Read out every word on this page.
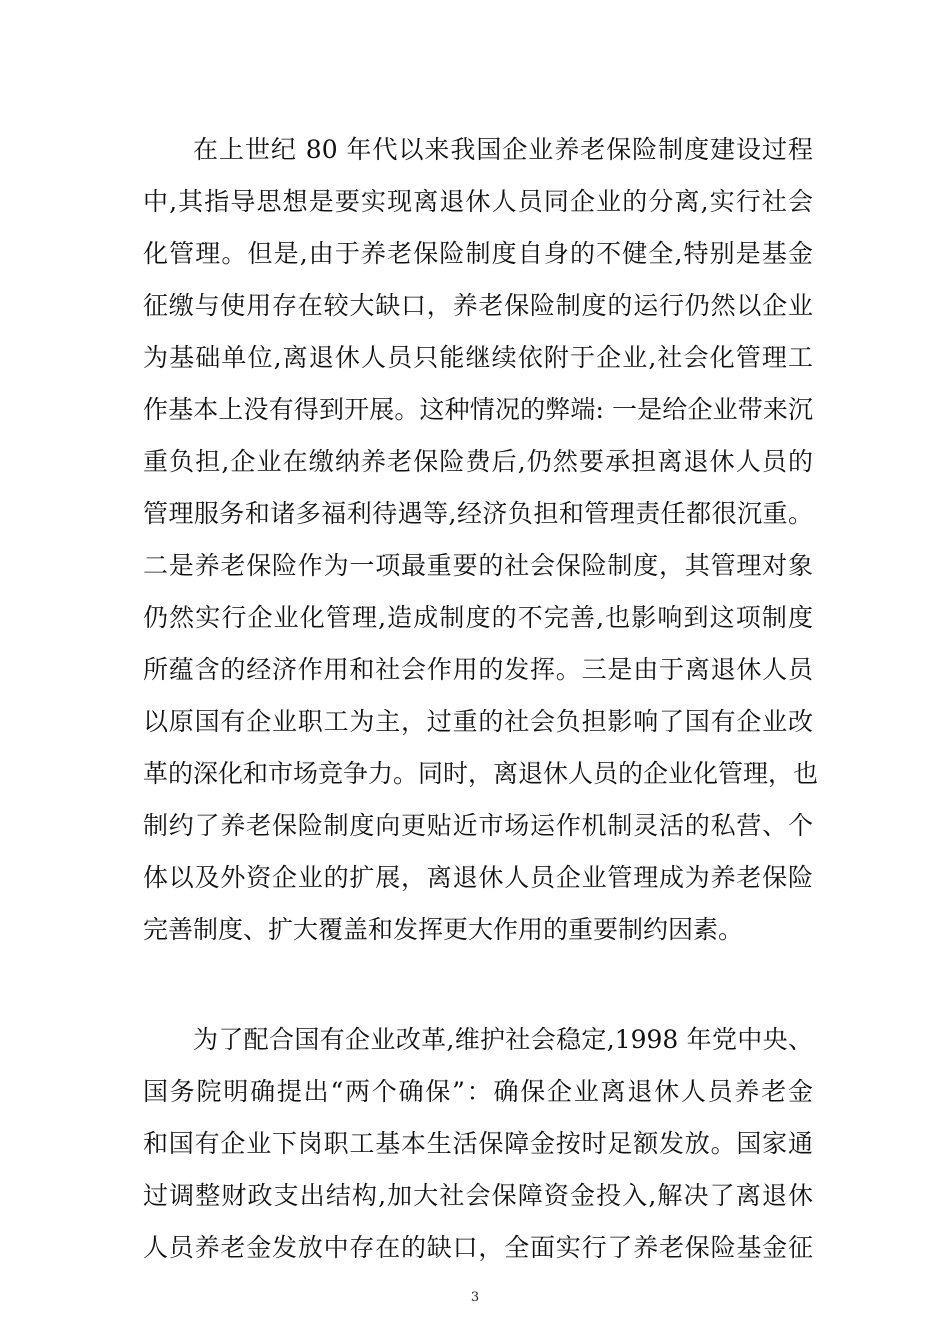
在上世纪 80 年代以来我国企业养老保险制度建设过程
中,其指导思想是要实现离退休人员同企业的分离,实行社会
化管理。但是,由于养老保险制度自身的不健全,特别是基金
征缴与使用存在较大缺口，养老保险制度的运行仍然以企业
为基础单位,离退休人员只能继续依附于企业,社会化管理工
作基本上没有得到开展。这种情况的弊端: 一是给企业带来沉
重负担,企业在缴纳养老保险费后,仍然要承担离退休人员的
管理服务和诸多福利待遇等,经济负担和管理责任都很沉重。
二是养老保险作为一项最重要的社会保险制度，其管理对象
仍然实行企业化管理,造成制度的不完善,也影响到这项制度
所蕴含的经济作用和社会作用的发挥。三是由于离退休人员
以原国有企业职工为主，过重的社会负担影响了国有企业改
革的深化和市场竞争力。同时，离退休人员的企业化管理，也
制约了养老保险制度向更贴近市场运作机制灵活的私营、个
体以及外资企业的扩展，离退休人员企业管理成为养老保险
完善制度、扩大覆盖和发挥更大作用的重要制约因素。
为了配合国有企业改革,维护社会稳定,1998 年党中央、
国务院明确提出“两个确保”：确保企业离退休人员养老金
和国有企业下岗职工基本生活保障金按时足额发放。国家通
过调整财政支出结构,加大社会保障资金投入,解决了离退休
人员养老金发放中存在的缺口，全面实行了养老保险基金征
3
